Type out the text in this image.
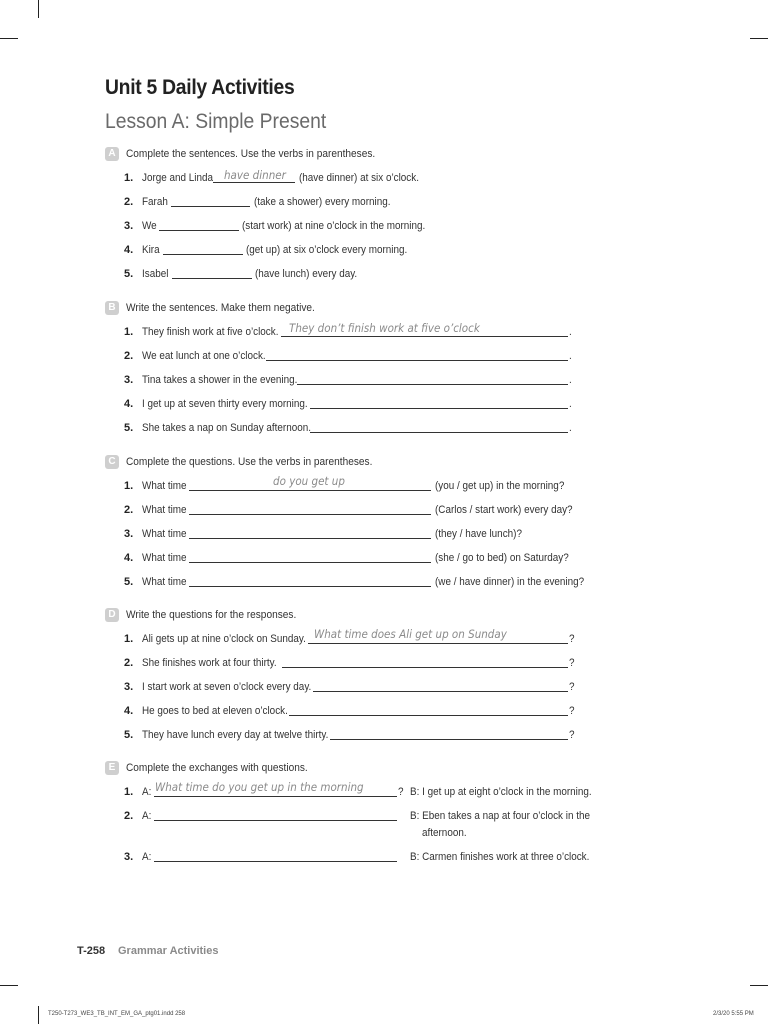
Unit 5 Daily Activities
Lesson A: Simple Present
A Complete the sentences. Use the verbs in parentheses.
1. Jorge and Linda have dinner (have dinner) at six o’clock.
2. Farah	(take a shower) every morning.
3. We	(start work) at nine o’clock in the morning.
4. Kira	(get up) at six o’clock every morning.
5. Isabel	(have lunch) every day.
B Write the sentences. Make them negative.
1. They finish work at five o’clock. They don’t finish work at five o’clock	.
2. We eat lunch at one o’clock.	.
3. Tina takes a shower in the evening.	.
4. I get up at seven thirty every morning.	.
5. She takes a nap on Sunday afternoon.	.
C Complete the questions. Use the verbs in parentheses.
1. What time	do you get up	(you / get up) in the morning?
2. What time	(Carlos / start work) every day?
3. What time	(they / have lunch)?
4. What time	(she / go to bed) on Saturday?
5. What time	(we / have dinner) in the evening?
D Write the questions for the responses.
1. Ali gets up at nine o’clock on Sunday. What time does Ali get up on Sunday	?
2. She finishes work at four thirty.	?
3. I start work at seven o’clock every day.	?
4. He goes to bed at eleven o’clock.	?
5. They have lunch every day at twelve thirty.	?
E Complete the exchanges with questions.
1. A: What time do you get up in the morning	? B: I get up at eight o’clock in the morning.
2. A:	B: Eben takes a nap at four o’clock in the
afternoon.
3. A:	B: Carmen finishes work at three o’clock.
T-258 Grammar Activities
T250-T273_WE3_TB_INT_EM_GA_ptg01.indd 258	2/3/20 5:55 PM
